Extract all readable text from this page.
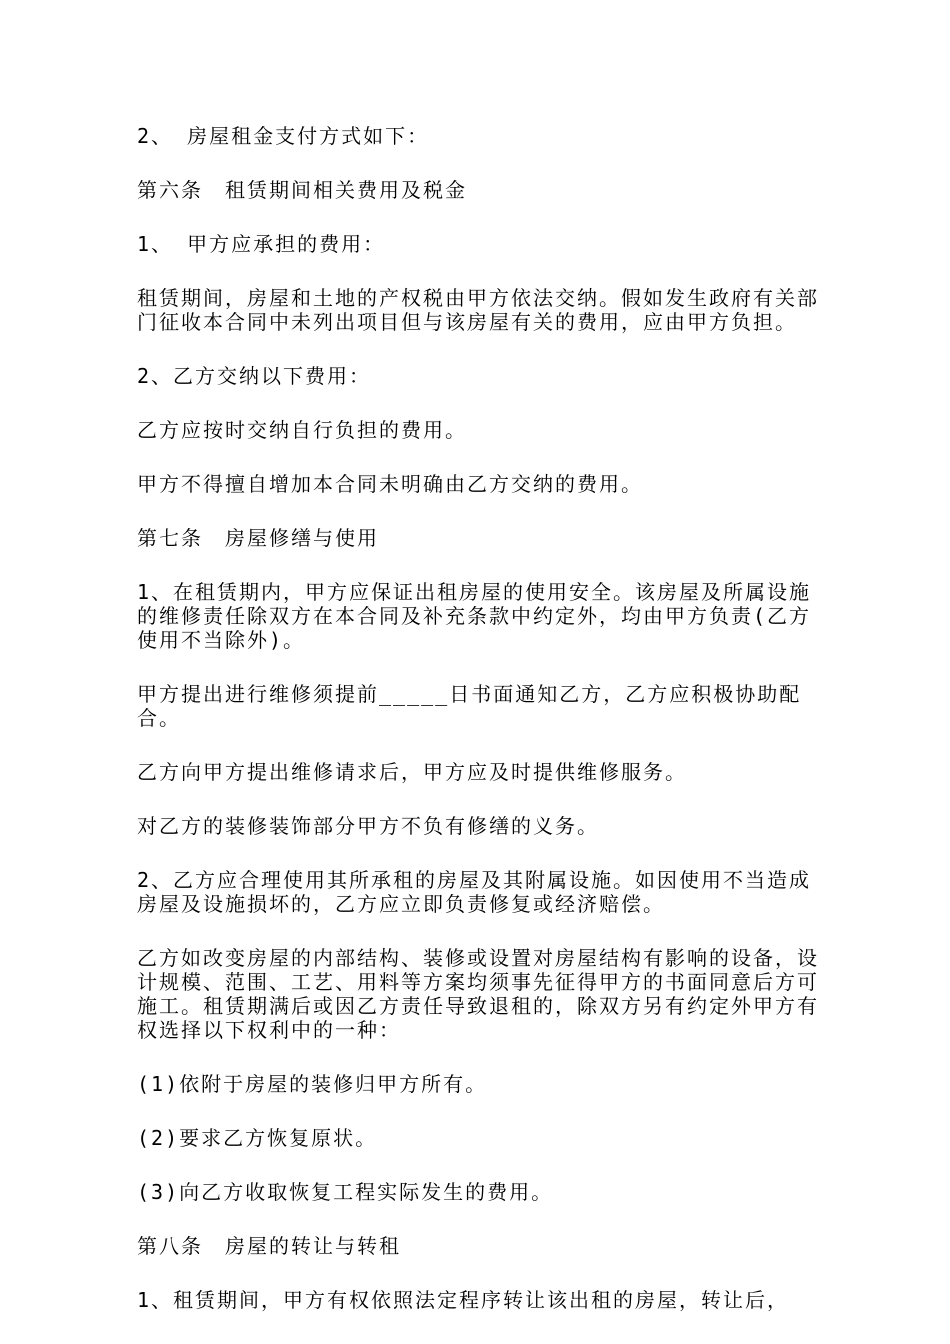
2、 房屋租金支付方式如下：

第六条　租赁期间相关费用及税金

1、 甲方应承担的费用：

租赁期间，房屋和土地的产权税由甲方依法交纳。假如发生政府有关部门征收本合同中未列出项目但与该房屋有关的费用，应由甲方负担。

2、乙方交纳以下费用：

乙方应按时交纳自行负担的费用。

甲方不得擅自增加本合同未明确由乙方交纳的费用。

第七条　房屋修缮与使用

1、在租赁期内，甲方应保证出租房屋的使用安全。该房屋及所属设施的维修责任除双方在本合同及补充条款中约定外，均由甲方负责(乙方使用不当除外)。

甲方提出进行维修须提前_____日书面通知乙方，乙方应积极协助配合。

乙方向甲方提出维修请求后，甲方应及时提供维修服务。

对乙方的装修装饰部分甲方不负有修缮的义务。

2、乙方应合理使用其所承租的房屋及其附属设施。如因使用不当造成房屋及设施损坏的，乙方应立即负责修复或经济赔偿。

乙方如改变房屋的内部结构、装修或设置对房屋结构有影响的设备，设计规模、范围、工艺、用料等方案均须事先征得甲方的书面同意后方可施工。租赁期满后或因乙方责任导致退租的，除双方另有约定外甲方有权选择以下权利中的一种：

(1)依附于房屋的装修归甲方所有。

(2)要求乙方恢复原状。

(3)向乙方收取恢复工程实际发生的费用。

第八条　房屋的转让与转租

1、租赁期间，甲方有权依照法定程序转让该出租的房屋，转让后，
